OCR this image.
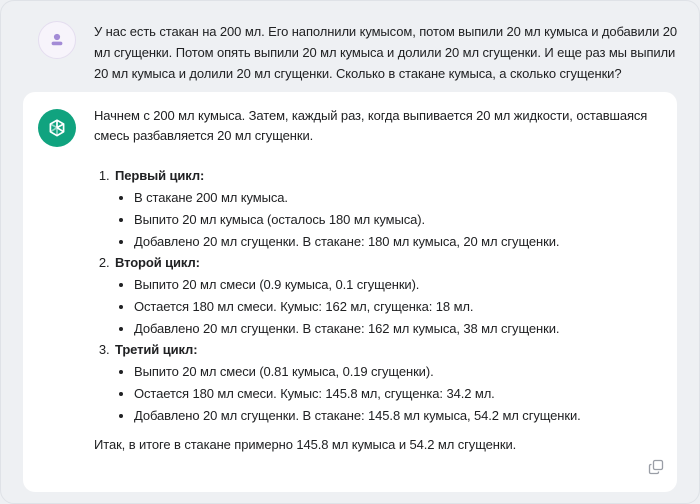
У нас есть стакан на 200 мл. Его наполнили кумысом, потом выпили 20 мл кумыса и добавили 20 мл сгущенки. Потом опять выпили 20 мл кумыса и долили 20 мл сгущенки. И еще раз мы выпили 20 мл кумыса и долили 20 мл сгущенки. Сколько в стакане кумыса, а сколько сгущенки?

Начнем с 200 мл кумыса. Затем, каждый раз, когда выпивается 20 мл жидкости, оставшаяся смесь разбавляется 20 мл сгущенки.

1. Первый цикл:
• В стакане 200 мл кумыса.
• Выпито 20 мл кумыса (осталось 180 мл кумыса).
• Добавлено 20 мл сгущенки. В стакане: 180 мл кумыса, 20 мл сгущенки.
2. Второй цикл:
• Выпито 20 мл смеси (0.9 кумыса, 0.1 сгущенки).
• Остается 180 мл смеси. Кумыс: 162 мл, сгущенка: 18 мл.
• Добавлено 20 мл сгущенки. В стакане: 162 мл кумыса, 38 мл сгущенки.
3. Третий цикл:
• Выпито 20 мл смеси (0.81 кумыса, 0.19 сгущенки).
• Остается 180 мл смеси. Кумыс: 145.8 мл, сгущенка: 34.2 мл.
• Добавлено 20 мл сгущенки. В стакане: 145.8 мл кумыса, 54.2 мл сгущенки.

Итак, в итоге в стакане примерно 145.8 мл кумыса и 54.2 мл сгущенки.
